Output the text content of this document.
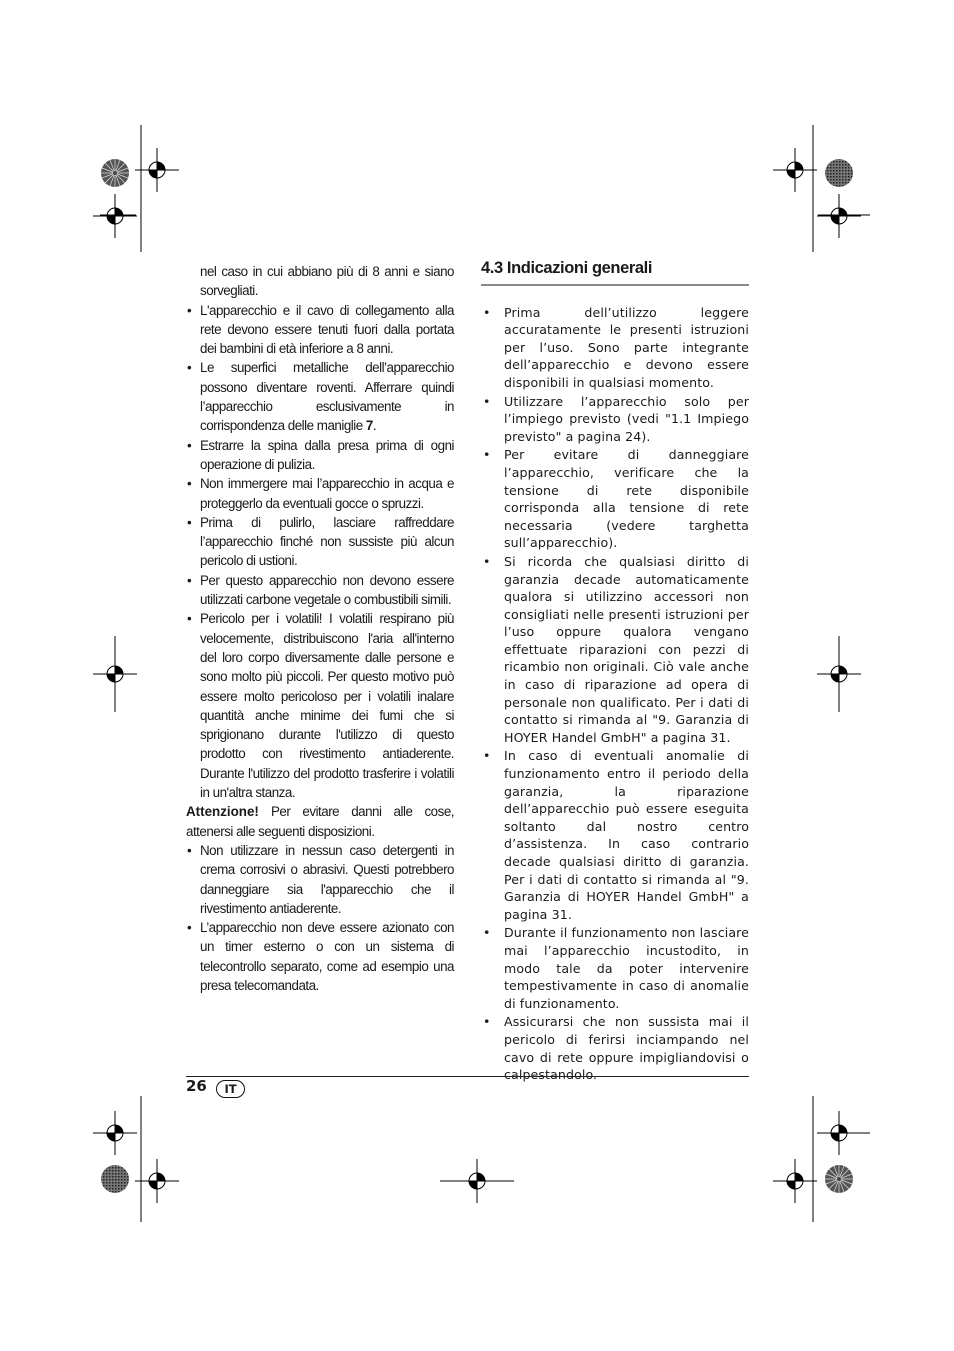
nel caso in cui abbiano più di 8 anni e siano sorvegliati.

• L'apparecchio e il cavo di collegamento alla rete devono essere tenuti fuori dalla portata dei bambini di età inferiore a 8 anni.
• Le superfici metalliche dell’apparecchio possono diventare roventi. Afferrare quindi l’apparecchio esclusivamente in corrispondenza delle maniglie 7.
• Estrarre la spina dalla presa prima di ogni operazione di pulizia.
• Non immergere mai l’apparecchio in acqua e proteggerlo da eventuali gocce o spruzzi.
• Prima di pulirlo, lasciare raffreddare l’apparecchio finché non sussiste più alcun pericolo di ustioni.
• Per questo apparecchio non devono essere utilizzati carbone vegetale o combustibili simili.
• Pericolo per i volatili! I volatili respirano più velocemente, distribuiscono l'aria all'interno del loro corpo diversamente dalle persone e sono molto più piccoli. Per questo motivo può essere molto pericoloso per i volatili inalare quantità anche minime dei fumi che si sprigionano durante l'utilizzo di questo prodotto con rivestimento antiaderente. Durante l'utilizzo del prodotto trasferire i volatili in un'altra stanza.

Attenzione! Per evitare danni alle cose, attenersi alle seguenti disposizioni.

• Non utilizzare in nessun caso detergenti in crema corrosivi o abrasivi. Questi potrebbero danneggiare sia l'apparecchio che il rivestimento antiaderente.
• L’apparecchio non deve essere azionato con un timer esterno o con un sistema di telecontrollo separato, come ad esempio una presa telecomandata.
4.3 Indicazioni generali
• Prima dell’utilizzo leggere accuratamente le presenti istruzioni per l’uso. Sono parte integrante dell’apparecchio e devono essere disponibili in qualsiasi momento.
• Utilizzare l’apparecchio solo per l’impiego previsto (vedi "1.1 Impiego previsto" a pagina 24).
• Per evitare di danneggiare l’apparecchio, verificare che la tensione di rete disponibile corrisponda alla tensione di rete necessaria (vedere targhetta sull’apparecchio).
• Si ricorda che qualsiasi diritto di garanzia decade automaticamente qualora si utilizzino accessori non consigliati nelle presenti istruzioni per l’uso oppure qualora vengano effettuate riparazioni con pezzi di ricambio non originali. Ciò vale anche in caso di riparazione ad opera di personale non qualificato. Per i dati di contatto si rimanda al "9. Garanzia di HOYER Handel GmbH" a pagina 31.
• In caso di eventuali anomalie di funzionamento entro il periodo della garanzia, la riparazione dell’apparecchio può essere eseguita soltanto dal nostro centro d’assistenza. In caso contrario decade qualsiasi diritto di garanzia. Per i dati di contatto si rimanda al "9. Garanzia di HOYER Handel GmbH" a pagina 31.
• Durante il funzionamento non lasciare mai l’apparecchio incustodito, in modo tale da poter intervenire tempestivamente in caso di anomalie di funzionamento.
• Assicurarsi che non sussista mai il pericolo di ferirsi inciampando nel cavo di rete oppure impigliandovisi o calpestandolo.
26	IT
